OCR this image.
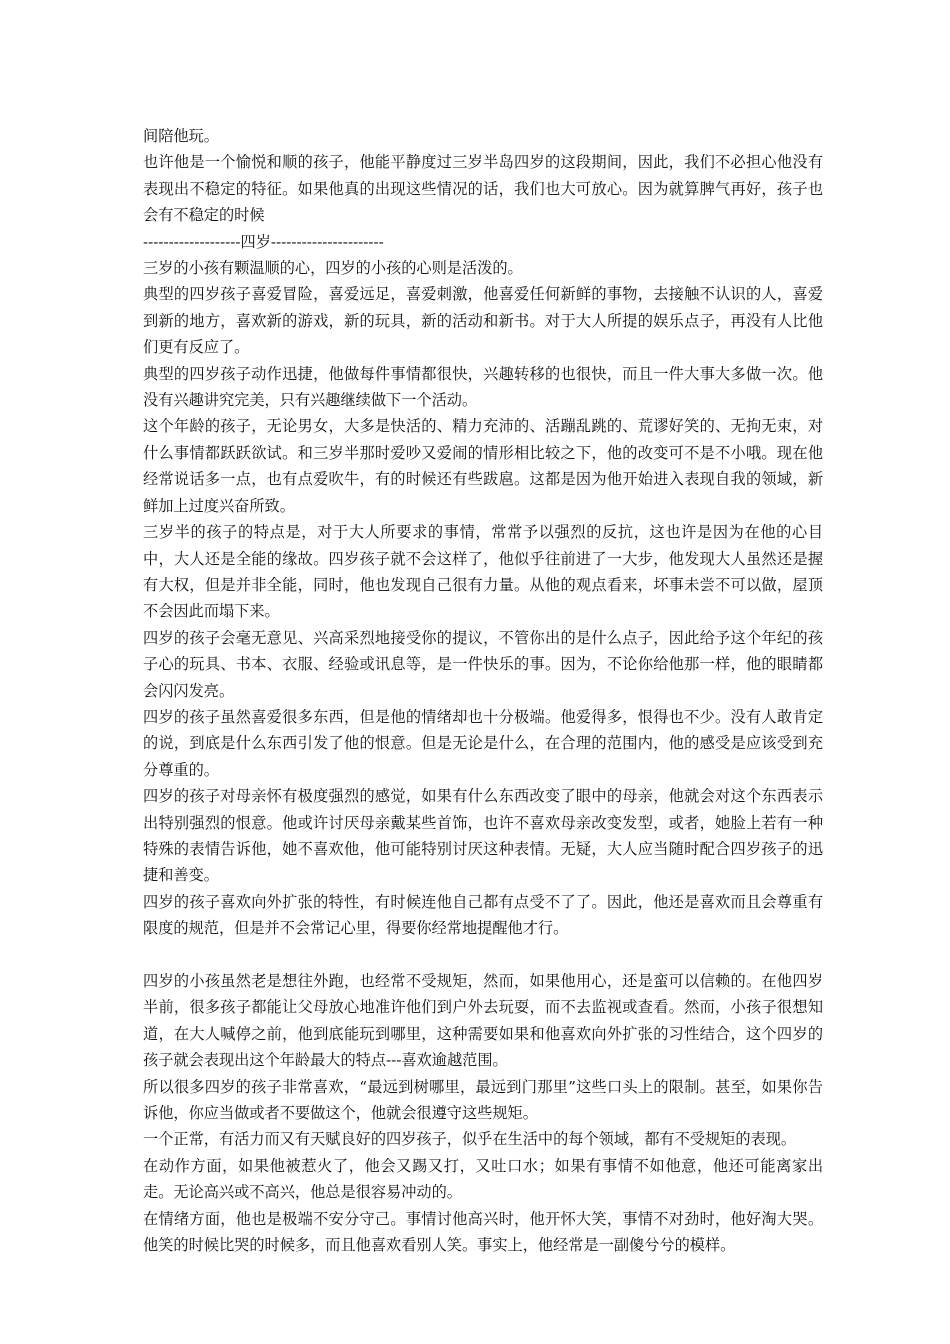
间陪他玩。

也许他是一个愉悦和顺的孩子，他能平静度过三岁半岛四岁的这段期间，因此，我们不必担心他没有表现出不稳定的特征。如果他真的出现这些情况的话，我们也大可放心。因为就算脾气再好，孩子也会有不稳定的时候

-------------------四岁----------------------

三岁的小孩有颗温顺的心，四岁的小孩的心则是活泼的。

典型的四岁孩子喜爱冒险，喜爱远足，喜爱刺激，他喜爱任何新鲜的事物，去接触不认识的人，喜爱到新的地方，喜欢新的游戏，新的玩具，新的活动和新书。对于大人所提的娱乐点子，再没有人比他们更有反应了。

典型的四岁孩子动作迅捷，他做每件事情都很快，兴趣转移的也很快，而且一件大事大多做一次。他没有兴趣讲究完美，只有兴趣继续做下一个活动。

这个年龄的孩子，无论男女，大多是快活的、精力充沛的、活蹦乱跳的、荒谬好笑的、无拘无束，对什么事情都跃跃欲试。和三岁半那时爱吵又爱闹的情形相比较之下，他的改变可不是不小哦。现在他经常说话多一点，也有点爱吹牛，有的时候还有些跋扈。这都是因为他开始进入表现自我的领域，新鲜加上过度兴奋所致。

三岁半的孩子的特点是，对于大人所要求的事情，常常予以强烈的反抗，这也许是因为在他的心目中，大人还是全能的缘故。四岁孩子就不会这样了，他似乎往前进了一大步，他发现大人虽然还是握有大权，但是并非全能，同时，他也发现自己很有力量。从他的观点看来，坏事未尝不可以做，屋顶不会因此而塌下来。

四岁的孩子会毫无意见、兴高采烈地接受你的提议，不管你出的是什么点子，因此给予这个年纪的孩子心的玩具、书本、衣服、经验或讯息等，是一件快乐的事。因为，不论你给他那一样，他的眼睛都会闪闪发亮。

四岁的孩子虽然喜爱很多东西，但是他的情绪却也十分极端。他爱得多，恨得也不少。没有人敢肯定的说，到底是什么东西引发了他的恨意。但是无论是什么，在合理的范围内，他的感受是应该受到充分尊重的。

四岁的孩子对母亲怀有极度强烈的感觉，如果有什么东西改变了眼中的母亲，他就会对这个东西表示出特别强烈的恨意。他或许讨厌母亲戴某些首饰，也许不喜欢母亲改变发型，或者，她脸上若有一种特殊的表情告诉他，她不喜欢他，他可能特别讨厌这种表情。无疑，大人应当随时配合四岁孩子的迅捷和善变。

四岁的孩子喜欢向外扩张的特性，有时候连他自己都有点受不了了。因此，他还是喜欢而且会尊重有限度的规范，但是并不会常记心里，得要你经常地提醒他才行。

四岁的小孩虽然老是想往外跑，也经常不受规矩，然而，如果他用心，还是蛮可以信赖的。在他四岁半前，很多孩子都能让父母放心地准许他们到户外去玩耍，而不去监视或查看。然而，小孩子很想知道，在大人喊停之前，他到底能玩到哪里，这种需要如果和他喜欢向外扩张的习性结合，这个四岁的孩子就会表现出这个年龄最大的特点---喜欢逾越范围。

所以很多四岁的孩子非常喜欢，“最远到树哪里，最远到门那里”这些口头上的限制。甚至，如果你告诉他，你应当做或者不要做这个，他就会很遵守这些规矩。

一个正常，有活力而又有天赋良好的四岁孩子，似乎在生活中的每个领域，都有不受规矩的表现。

在动作方面，如果他被惹火了，他会又踢又打，又吐口水；如果有事情不如他意，他还可能离家出走。无论高兴或不高兴，他总是很容易冲动的。

在情绪方面，他也是极端不安分守己。事情讨他高兴时，他开怀大笑，事情不对劲时，他好淘大哭。他笑的时候比哭的时候多，而且他喜欢看别人笑。事实上，他经常是一副傻兮兮的模样。
